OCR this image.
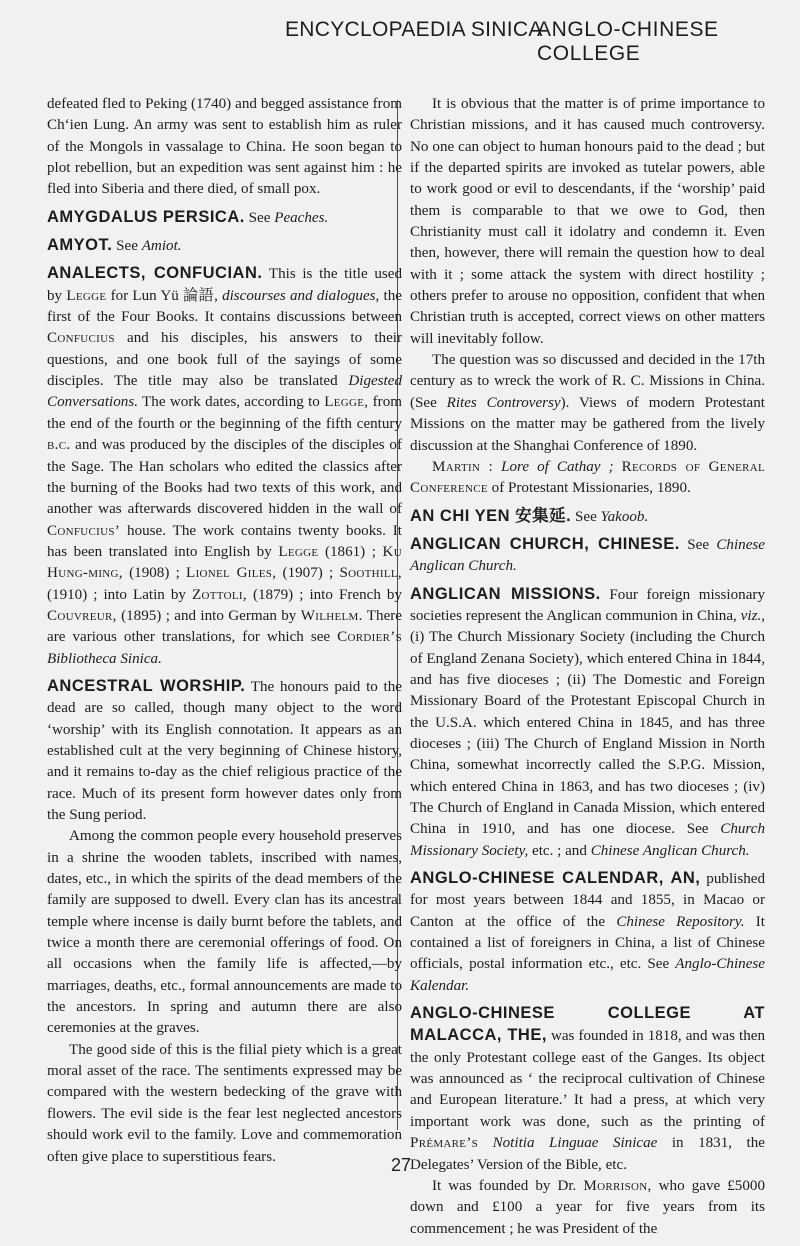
ENCYCLOPAEDIA SINICA
ANGLO-CHINESE COLLEGE

defeated fled to Peking (1740) and begged assistance from Ch‘ien Lung. An army was sent to establish him as ruler of the Mongols in vassalage to China. He soon began to plot rebellion, but an expedition was sent against him : he fled into Siberia and there died, of small pox.

AMYGDALUS PERSICA. See Peaches.

AMYOT. See Amiot.

ANALECTS, CONFUCIAN. This is the title used by Legge for Lun Yü 論語, discourses and dialogues, the first of the Four Books. It contains discussions between Confucius and his disciples, his answers to their questions, and one book full of the sayings of some disciples. The title may also be translated Digested Conversations. The work dates, according to Legge, from the end of the fourth or the beginning of the fifth century b.c. and was produced by the disciples of the disciples of the Sage. The Han scholars who edited the classics after the burning of the Books had two texts of this work, and another was afterwards discovered hidden in the wall of Confucius’ house. The work contains twenty books. It has been translated into English by Legge (1861) ; Ku Hung-ming, (1908) ; Lionel Giles, (1907) ; Soothill, (1910) ; into Latin by Zottoli, (1879) ; into French by Couvreur, (1895) ; and into German by Wilhelm. There are various other translations, for which see Cordier’s Bibliotheca Sinica.

ANCESTRAL WORSHIP. The honours paid to the dead are so called, though many object to the word ‘worship’ with its English connotation. It appears as an established cult at the very beginning of Chinese history, and it remains to-day as the chief religious practice of the race. Much of its present form however dates only from the Sung period.

Among the common people every household preserves in a shrine the wooden tablets, inscribed with names, dates, etc., in which the spirits of the dead members of the family are supposed to dwell. Every clan has its ancestral temple where incense is daily burnt before the tablets, and twice a month there are ceremonial offerings of food. On all occasions when the family life is affected,—by marriages, deaths, etc., formal announcements are made to the ancestors. In spring and autumn there are also ceremonies at the graves.

The good side of this is the filial piety which is a great moral asset of the race. The sentiments expressed may be compared with the western bedecking of the grave with flowers. The evil side is the fear lest neglected ancestors should work evil to the family. Love and commemoration often give place to superstitious fears.

It is obvious that the matter is of prime importance to Christian missions, and it has caused much controversy. No one can object to human honours paid to the dead ; but if the departed spirits are invoked as tutelar powers, able to work good or evil to descendants, if the ‘worship’ paid them is comparable to that we owe to God, then Christianity must call it idolatry and condemn it. Even then, however, there will remain the question how to deal with it ; some attack the system with direct hostility ; others prefer to arouse no opposition, confident that when Christian truth is accepted, correct views on other matters will inevitably follow.

The question was so discussed and decided in the 17th century as to wreck the work of R. C. Missions in China. (See Rites Controversy). Views of modern Protestant Missions on the matter may be gathered from the lively discussion at the Shanghai Conference of 1890.

Martin : Lore of Cathay ; Records of General Conference of Protestant Missionaries, 1890.

AN CHI YEN 安集延. See Yakoob.

ANGLICAN CHURCH, CHINESE. See Chinese Anglican Church.

ANGLICAN MISSIONS. Four foreign missionary societies represent the Anglican communion in China, viz., (i) The Church Missionary Society (including the Church of England Zenana Society), which entered China in 1844, and has five dioceses ; (ii) The Domestic and Foreign Missionary Board of the Protestant Episcopal Church in the U.S.A. which entered China in 1845, and has three dioceses ; (iii) The Church of England Mission in North China, somewhat incorrectly called the S.P.G. Mission, which entered China in 1863, and has two dioceses ; (iv) The Church of England in Canada Mission, which entered China in 1910, and has one diocese. See Church Missionary Society, etc. ; and Chinese Anglican Church.

ANGLO-CHINESE CALENDAR, AN, published for most years between 1844 and 1855, in Macao or Canton at the office of the Chinese Repository. It contained a list of foreigners in China, a list of Chinese officials, postal information etc., etc. See Anglo-Chinese Kalendar.

ANGLO-CHINESE COLLEGE AT MALACCA, THE, was founded in 1818, and was then the only Protestant college east of the Ganges. Its object was announced as ‘ the reciprocal cultivation of Chinese and European literature.’ It had a press, at which very important work was done, such as the printing of Prémare’s Notitia Linguae Sinicae in 1831, the Delegates’ Version of the Bible, etc.

It was founded by Dr. Morrison, who gave £5000 down and £100 a year for five years from its commencement ; he was President of the

27
